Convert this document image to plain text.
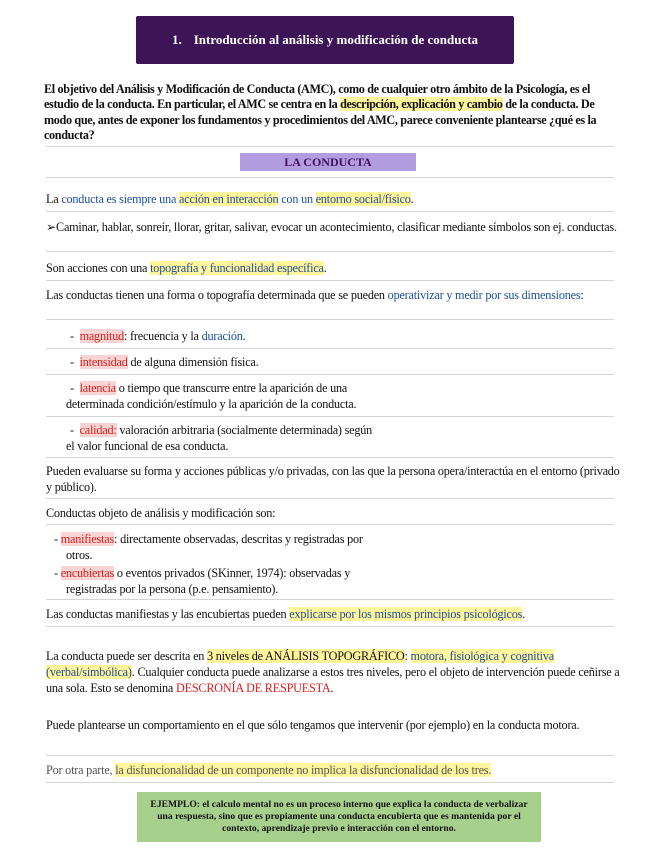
1. Introducción al análisis y modificación de conducta
El objetivo del Análisis y Modificación de Conducta (AMC), como de cualquier otro ámbito de la Psicología, es el estudio de la conducta. En particular, el AMC se centra en la descripción, explicación y cambio de la conducta. De modo que, antes de exponer los fundamentos y procedimientos del AMC, parece conveniente plantearse ¿qué es la conducta?
LA CONDUCTA
La conducta es siempre una acción en interacción con un entorno social/físico.
➢Caminar, hablar, sonreír, llorar, gritar, salivar, evocar un acontecimiento, clasificar mediante símbolos son ej. conductas.
Son acciones con una topografía y funcionalidad específica.
Las conductas tienen una forma o topografía determinada que se pueden operativizar y medir por sus dimensiones:
- magnitud: frecuencia y la duración.
- intensidad de alguna dimensión física.
- latencia o tiempo que transcurre entre la aparición de una
determinada condición/estímulo y la aparición de la conducta.
- calidad: valoración arbitraria (socialmente determinada) según
el valor funcional de esa conducta.
Pueden evaluarse su forma y acciones públicas y/o privadas, con las que la persona opera/interactúa en el entorno (privado y público).
Conductas objeto de análisis y modificación son:
- manifiestas: directamente observadas, descritas y registradas por
otros.
- encubiertas o eventos privados (SKinner, 1974): observadas y
registradas por la persona (p.e. pensamiento).
Las conductas manifiestas y las encubiertas pueden explicarse por los mismos principios psicológicos.
La conducta puede ser descrita en 3 niveles de ANÁLISIS TOPOGRÁFICO: motora, fisiológica y cognitiva (verbal/simbólica). Cualquier conducta puede analizarse a estos tres niveles, pero el objeto de intervención puede ceñirse a una sola. Esto se denomina DESCRONÍA DE RESPUESTA.
Puede plantearse un comportamiento en el que sólo tengamos que intervenir (por ejemplo) en la conducta motora.
Por otra parte, la disfuncionalidad de un componente no implica la disfuncionalidad de los tres.
EJEMPLO: el calculo mental no es un proceso interno que explica la conducta de verbalizar una respuesta, sino que es propiamente una conducta encubierta que es mantenida por el contexto, aprendizaje previo e interacción con el entorno.
